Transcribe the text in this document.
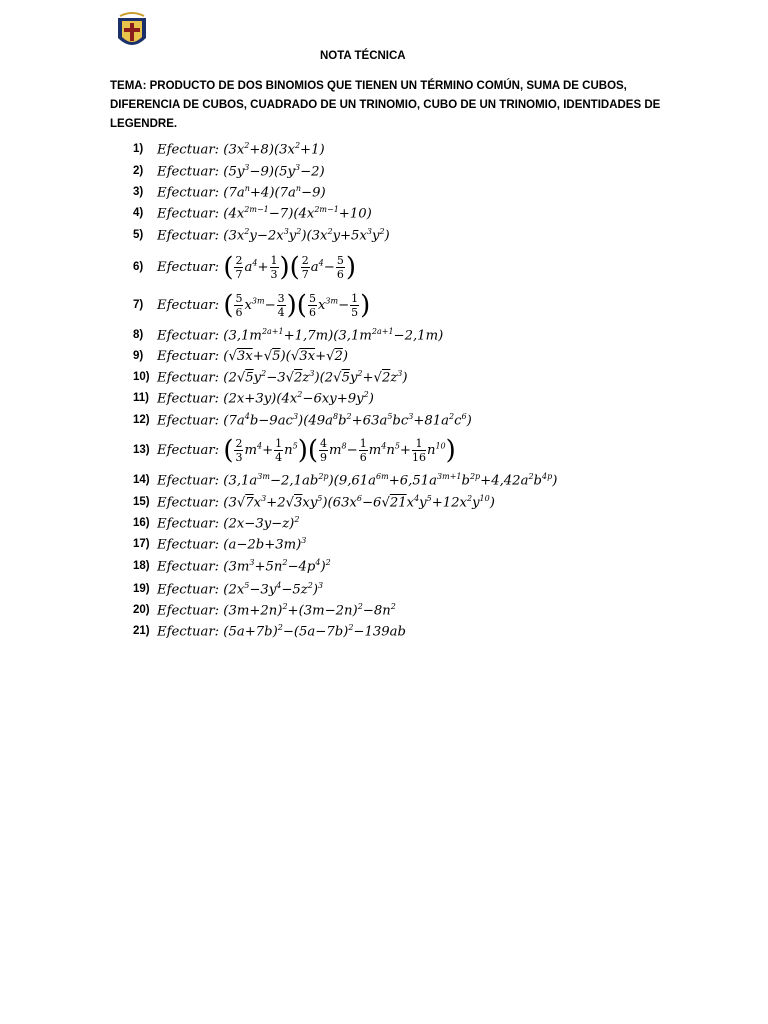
NOTA TÉCNICA
TEMA: PRODUCTO DE DOS BINOMIOS QUE TIENEN UN TÉRMINO COMÚN, SUMA DE CUBOS, DIFERENCIA DE CUBOS, CUADRADO DE UN TRINOMIO, CUBO DE UN TRINOMIO, IDENTIDADES DE LEGENDRE.
1)	Efectuar: $(3x^2+8)(3x^2+1)$
2)	Efectuar: $(5y^3-9)(5y^3-2)$
3)	Efectuar: $(7a^n+4)(7a^n-9)$
4)	Efectuar: $(4x^{2m-1}-7)(4x^{2m-1}+10)$
5)	Efectuar: $(3x^2y-2x^3y^2)(3x^2y+5x^3y^2)$
6)	Efectuar: ( $\frac{2}{7} a^4+ \frac{1}{3}$ )( $\frac{2}{7} a^4- \frac{5}{6}$ )
7)	Efectuar: ( $\frac{5}{6} x^{3m}- \frac{3}{4}$ )( $\frac{5}{6} x^{3m}- \frac{1}{5}$ )
8)	Efectuar: $(3,1m^{2a+1}+1,7m)(3,1m^{2a+1}-2,1m)$
9)	Efectuar: (√3x+√5)(√3x+√2)
10) Efectuar: $(2√5y^2-3√2z^3)(2√5y^2+√2z^3)$
11) Efectuar: $(2x+3y)(4x^2-6xy+9y^2)$
12) Efectuar: $(7a^4b-9ac^3)(49a^8b^2+63a^5bc^3+81a^2c^6)$
13) Efectuar: ( $\frac{2}{3} m^4+ \frac{1}{4} n^5)( \frac{4}{9} m^8- \frac{1}{6} m^4n^5+ \frac{1}{16} n^{10})$
14) Efectuar: $(3,1a^{3m}-2,1ab^{2p})(9,61a^{6m}+6,51a^{3m+1}b^{2p}+4,42a^2b^{4p})$
15) Efectuar: $(3√7x^3+2√3xy^5)(63x^6-6√21x^4y^5+12x^2y^{10})$
16) Efectuar: $(2x-3y-z)^2$
17) Efectuar: $(a-2b+3m)^3$
18) Efectuar: $(3m^3+5n^2-4p^4)^2$
19) Efectuar: $(2x^5-3y^4-5z^2)^3$
20) Efectuar: $(3m+2n)^2+(3m-2n)^2-8n^2$
21) Efectuar: $(5a+7b)^2-(5a-7b)^2-139ab$
